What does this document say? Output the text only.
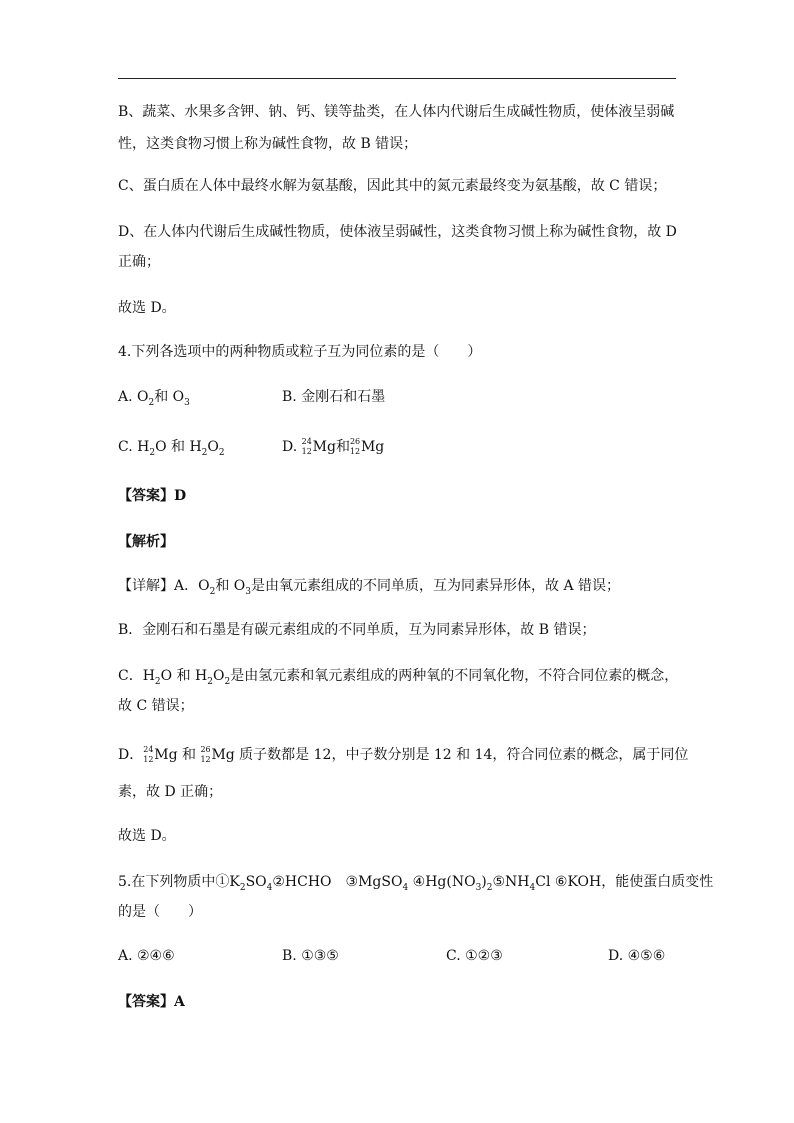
B、蔬菜、水果多含钾、钠、钙、镁等盐类，在人体内代谢后生成碱性物质，使体液呈弱碱
性，这类食物习惯上称为碱性食物，故 B 错误；
C、蛋白质在人体中最终水解为氨基酸，因此其中的氮元素最终变为氨基酸，故 C 错误；
D、在人体内代谢后生成碱性物质，使体液呈弱碱性，这类食物习惯上称为碱性食物，故 D
正确；
故选 D。
4.下列各选项中的两种物质或粒子互为同位素的是（　　）
A. $O_2$和 $O_3$	B. 金刚石和石墨
C. $H_2O$ 和 $H_2O_2$	D. 24
12 Mg和 26
12 Mg
【答案】D
【解析】
【详解】A．$O_2$和 $O_3$是由氧元素组成的不同单质，互为同素异形体，故 A 错误；
B．金刚石和石墨是有碳元素组成的不同单质，互为同素异形体，故 B 错误；
C．$H_2O$ 和 $H_2O_2$是由氢元素和氧元素组成的两种氧的不同氧化物，不符合同位素的概念，
故 C 错误；
D． 24
12 Mg 和 26
12 Mg 质子数都是 12，中子数分别是 12 和 14，符合同位素的概念，属于同位
素，故 D 正确；
故选 D。
5.在下列物质中$①K_2SO_4②HCHO$　③MgSO$_4$ $④Hg(NO_3)_2⑤NH_4Cl$ ⑥KOH，能使蛋白质变性
的是（　　）
A. ②④⑥	B. ①③⑤	C. ①②③	D. ④⑤⑥
【答案】A
